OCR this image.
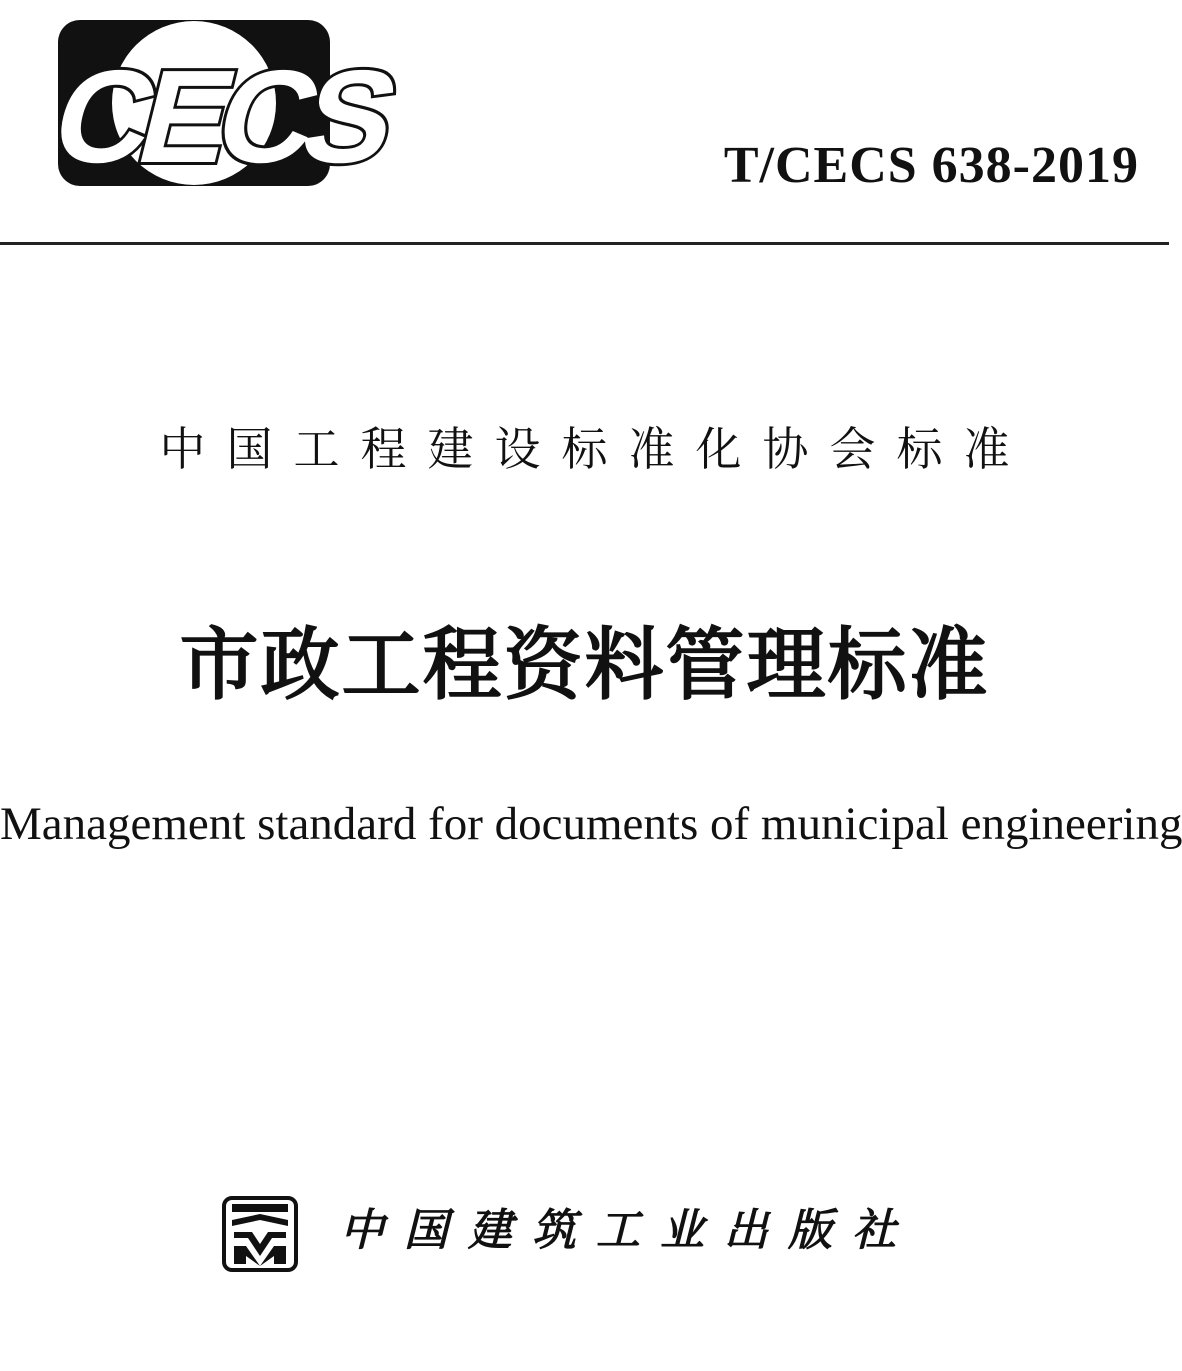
CECS	T/CECS 638-2019
中国工程建设标准化协会标准
市政工程资料管理标准
Management standard for documents of municipal engineering
中国建筑工业出版社
